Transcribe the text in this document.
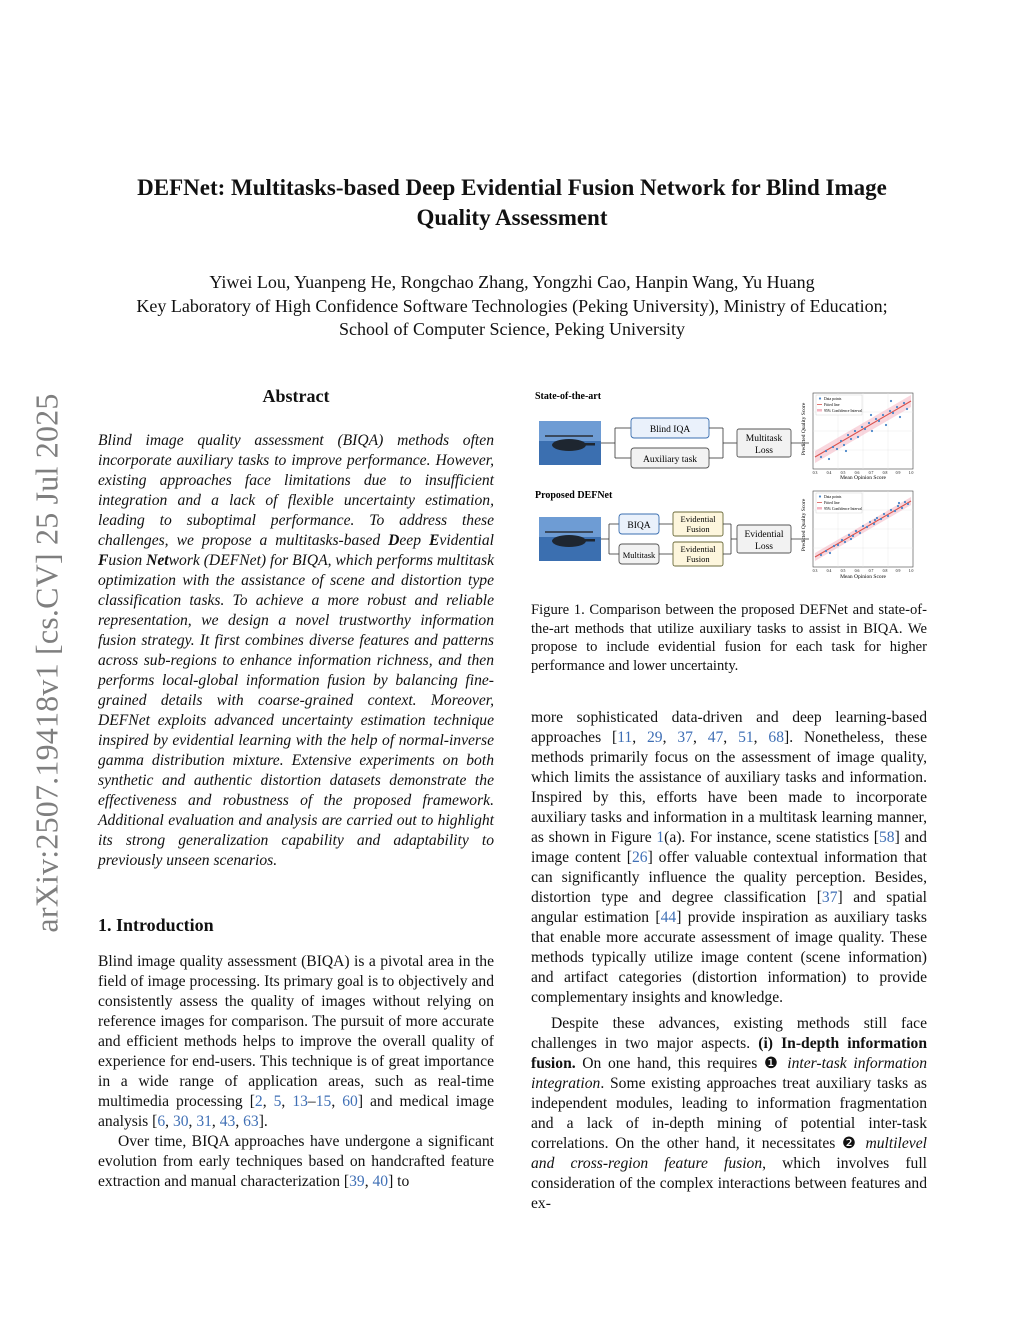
arXiv:2507.19418v1 [cs.CV] 25 Jul 2025
DEFNet: Multitasks-based Deep Evidential Fusion Network for Blind Image
Quality Assessment
Yiwei Lou, Yuanpeng He, Rongchao Zhang, Yongzhi Cao, Hanpin Wang, Yu Huang
Key Laboratory of High Confidence Software Technologies (Peking University), Ministry of Education;
School of Computer Science, Peking University
Abstract
Blind image quality assessment (BIQA) methods often incorporate auxiliary tasks to improve performance. However, existing approaches face limitations due to insufficient integration and a lack of flexible uncertainty estimation, leading to suboptimal performance. To address these challenges, we propose a multitasks-based Deep Evidential Fusion Network (DEFNet) for BIQA, which performs multitask optimization with the assistance of scene and distortion type classification tasks. To achieve a more robust and reliable representation, we design a novel trustworthy information fusion strategy. It first combines diverse features and patterns across sub-regions to enhance information richness, and then performs local-global information fusion by balancing fine-grained details with coarse-grained context. Moreover, DEFNet exploits advanced uncertainty estimation technique inspired by evidential learning with the help of normal-inverse gamma distribution mixture. Extensive experiments on both synthetic and authentic distortion datasets demonstrate the effectiveness and robustness of the proposed framework. Additional evaluation and analysis are carried out to highlight its strong generalization capability and adaptability to previously unseen scenarios.
1. Introduction

Blind image quality assessment (BIQA) is a pivotal area in the field of image processing. Its primary goal is to objectively and consistently assess the quality of images without relying on reference images for comparison. The pursuit of more accurate and efficient methods helps to improve the overall quality of experience for end-users. This technique is of great importance in a wide range of application areas, such as real-time multimedia processing [2, 5, 13–15, 60] and medical image analysis [6, 30, 31, 43, 63].

Over time, BIQA approaches have undergone a significant evolution from early techniques based on handcrafted feature extraction and manual characterization [39, 40] to

State-of-the-art
Blind IQA
Auxiliary task
Multitask
Loss	Predicted Quality Score
Data points
Fitted line
95% Confidence Interval
0.3 0.4 0.5 0.6 0.7 0.8 0.9 1.0
Mean Opinion Score
Proposed DEFNet
BIQA
Multitask
Evidential
Fusion
Evidential
Fusion
Evidential
Loss	Predicted Quality Score
Data points
Fitted line
95% Confidence Interval
0.3 0.4 0.5 0.6 0.7 0.8 0.9 1.0
Mean Opinion Score
Figure 1. Comparison between the proposed DEFNet and state-of-the-art methods that utilize auxiliary tasks to assist in BIQA. We propose to include evidential fusion for each task for higher performance and lower uncertainty.

more sophisticated data-driven and deep learning-based approaches [11, 29, 37, 47, 51, 68]. Nonetheless, these methods primarily focus on the assessment of image quality, which limits the assistance of auxiliary tasks and information. Inspired by this, efforts have been made to incorporate auxiliary tasks and information in a multitask learning manner, as shown in Figure 1(a). For instance, scene statistics [58] and image content [26] offer valuable contextual information that can significantly influence the quality perception. Besides, distortion type and degree classification [37] and spatial angular estimation [44] provide inspiration as auxiliary tasks that enable more accurate assessment of image quality. These methods typically utilize image content (scene information) and artifact categories (distortion information) to provide complementary insights and knowledge.

Despite these advances, existing methods still face challenges in two major aspects. (i) In-depth information fusion. On one hand, this requires ❶ inter-task information integration. Some existing approaches treat auxiliary tasks as independent modules, leading to information fragmentation and a lack of in-depth mining of potential inter-task correlations. On the other hand, it necessitates ❷ multilevel and cross-region feature fusion, which involves full consideration of the complex interactions between features and ex-
